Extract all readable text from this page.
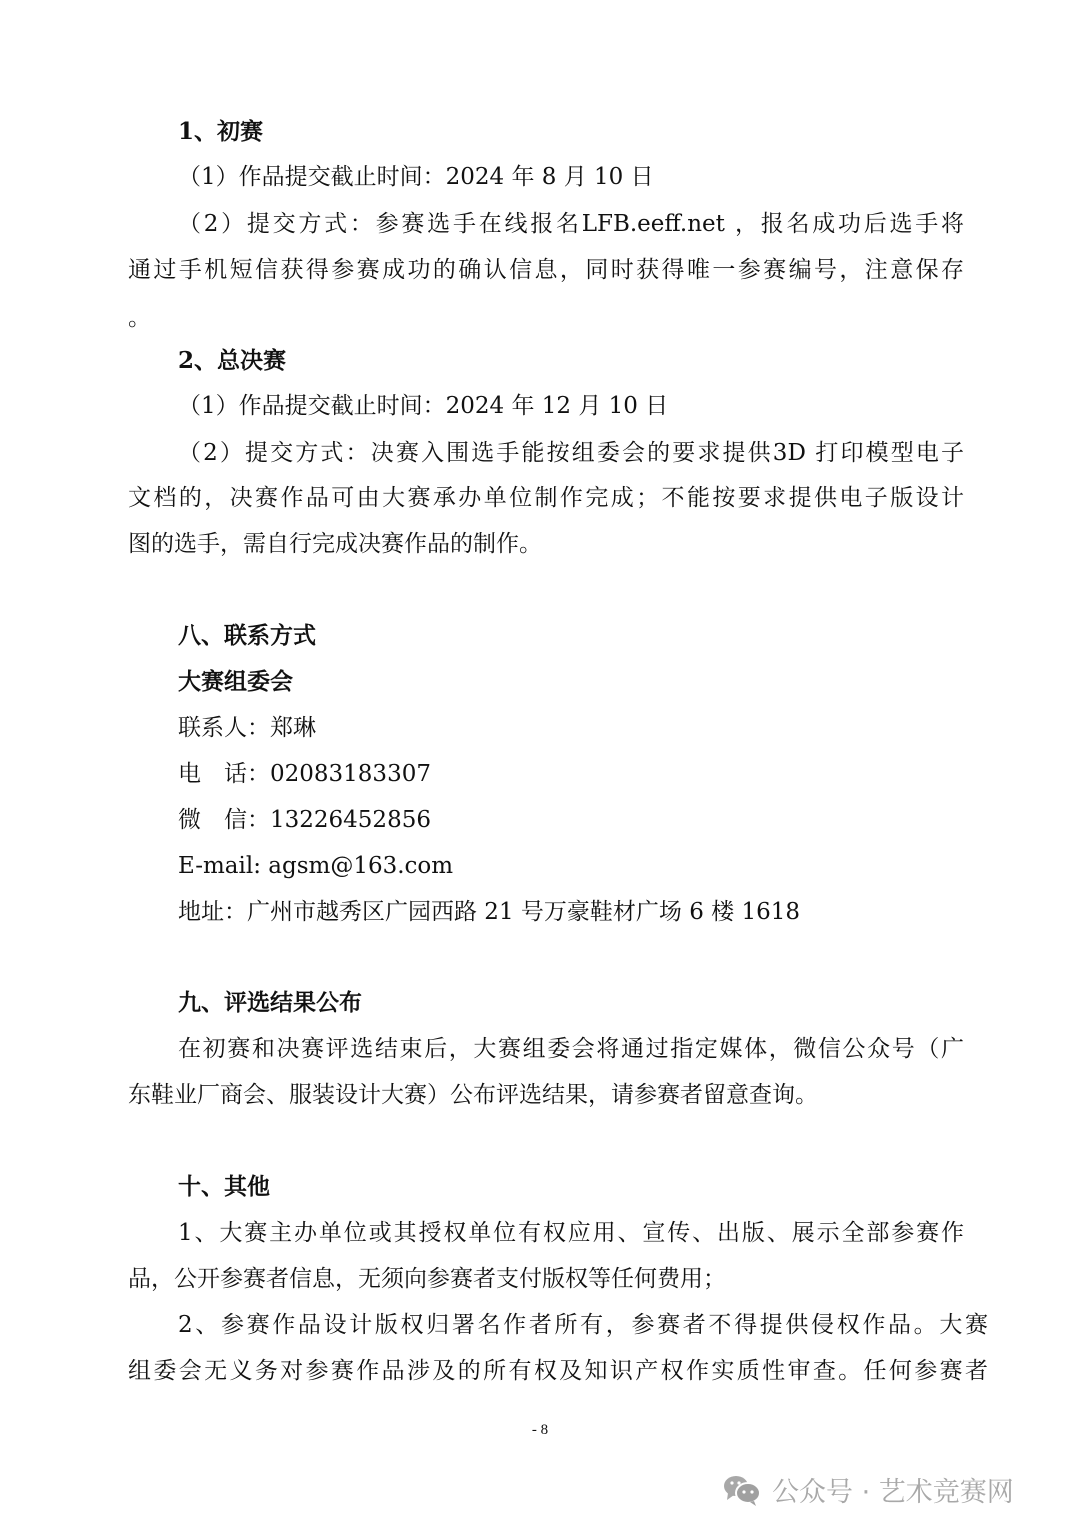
1、初赛
（1）作品提交截止时间：2024 年 8 月 10 日
（2）提交方式：参赛选手在线报名LFB.eeff.net ，报名成功后选手将
通过手机短信获得参赛成功的确认信息，同时获得唯一参赛编号，注意保存
。
2、总决赛
（1）作品提交截止时间：2024 年 12 月 10 日
（2）提交方式：决赛入围选手能按组委会的要求提供3D 打印模型电子
文档的，决赛作品可由大赛承办单位制作完成；不能按要求提供电子版设计
图的选手，需自行完成决赛作品的制作。
八、联系方式
大赛组委会
联系人：郑琳
电　话：02083183307
微　信：13226452856
E-mail: agsm@163.com
地址：广州市越秀区广园西路 21 号万豪鞋材广场 6 楼 1618
九、评选结果公布
在初赛和决赛评选结束后，大赛组委会将通过指定媒体，微信公众号（广
东鞋业厂商会、服装设计大赛）公布评选结果，请参赛者留意查询。
十、其他
1、大赛主办单位或其授权单位有权应用、宣传、出版、展示全部参赛作
品，公开参赛者信息，无须向参赛者支付版权等任何费用；
2、参赛作品设计版权归署名作者所有，参赛者不得提供侵权作品。大赛
组委会无义务对参赛作品涉及的所有权及知识产权作实质性审查。任何参赛者
- 8
公众号 · 艺术竞赛网
